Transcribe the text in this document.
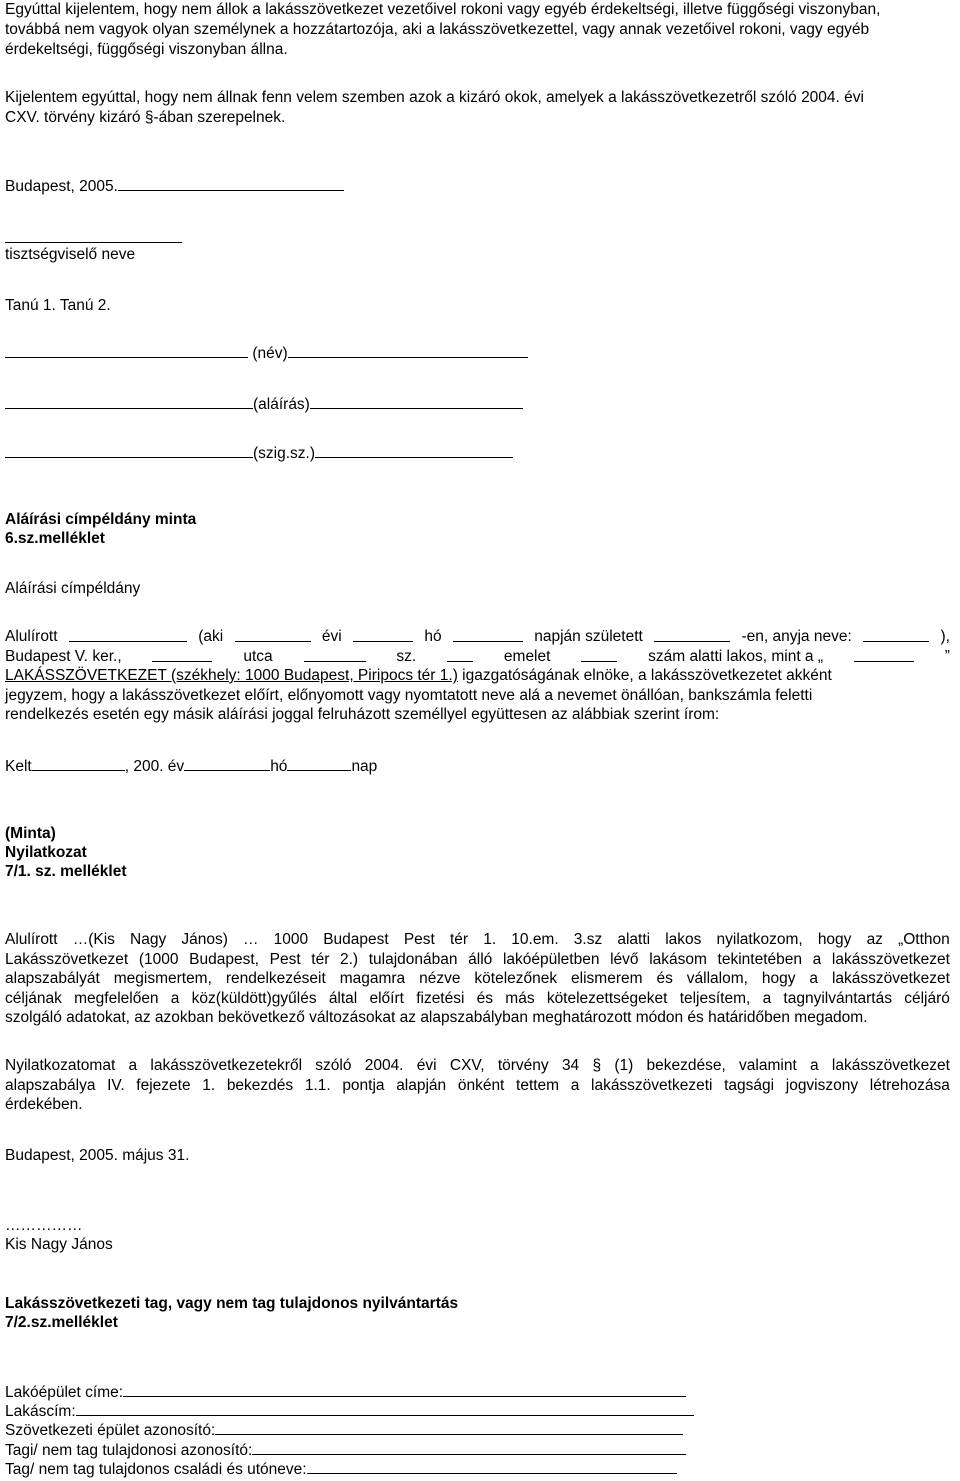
Egyúttal kijelentem, hogy nem állok a lakásszövetkezet vezetőivel rokoni vagy egyéb érdekeltségi, illetve függőségi viszonyban,
továbbá nem vagyok olyan személynek a hozzátartozója, aki a lakásszövetkezettel, vagy annak vezetőivel rokoni, vagy egyéb
érdekeltségi, függőségi viszonyban állna.
Kijelentem egyúttal, hogy nem állnak fenn velem szemben azok a kizáró okok, amelyek a lakásszövetkezetről szóló 2004. évi
CXV. törvény kizáró §-ában szerepelnek.
Budapest, 2005.
tisztségviselő neve
Tanú 1. Tanú 2.
(név)
(aláírás)
(szig.sz.)
Aláírási címpéldány minta
6.sz.melléklet
Aláírási címpéldány
Alulírott	(aki	évi	hó	napján született	-en, anyja neve:	),
Budapest V. ker.,	utca	sz.	emelet	szám alatti lakos, mint a „	”
LAKÁSSZÖVETKEZET (székhely: 1000 Budapest, Piripocs tér 1.) igazgatóságának elnöke, a lakásszövetkezetet akként
jegyzem, hogy a lakásszövetkezet előírt, előnyomott vagy nyomtatott neve alá a nevemet önállóan, bankszámla feletti
rendelkezés esetén egy másik aláírási joggal felruházott személlyel együttesen az alábbiak szerint írom:
Kelt	, 200. év	hó	nap
(Minta)
Nyilatkozat
7/1. sz. melléklet
Alulírott …(Kis Nagy János) … 1000 Budapest Pest tér 1. 10.em. 3.sz alatti lakos nyilatkozom, hogy az „Otthon
Lakásszövetkezet (1000 Budapest, Pest tér 2.) tulajdonában álló lakóépületben lévő lakásom tekintetében a lakásszövetkezet
alapszabályát megismertem, rendelkezéseit magamra nézve kötelezőnek elismerem és vállalom, hogy a lakásszövetkezet
céljának megfelelően a köz(küldött)gyűlés által előírt fizetési és más kötelezettségeket teljesítem, a tagnyilvántartás céljáró
szolgáló adatokat, az azokban bekövetkező változásokat az alapszabályban meghatározott módon és határidőben megadom.
Nyilatkozatomat a lakásszövetkezetekről szóló 2004. évi CXV, törvény 34 § (1) bekezdése, valamint a lakásszövetkezet
alapszabálya IV. fejezete 1. bekezdés 1.1. pontja alapján önként tettem a lakásszövetkezeti tagsági jogviszony létrehozása
érdekében.
Budapest, 2005. május 31.
……………
Kis Nagy János
Lakásszövetkezeti tag, vagy nem tag tulajdonos nyilvántartás
7/2.sz.melléklet
Lakóépület címe:
Lakáscím:
Szövetkezeti épület azonosító:
Tagi/ nem tag tulajdonosi azonosító:
Tag/ nem tag tulajdonos családi és utóneve:
